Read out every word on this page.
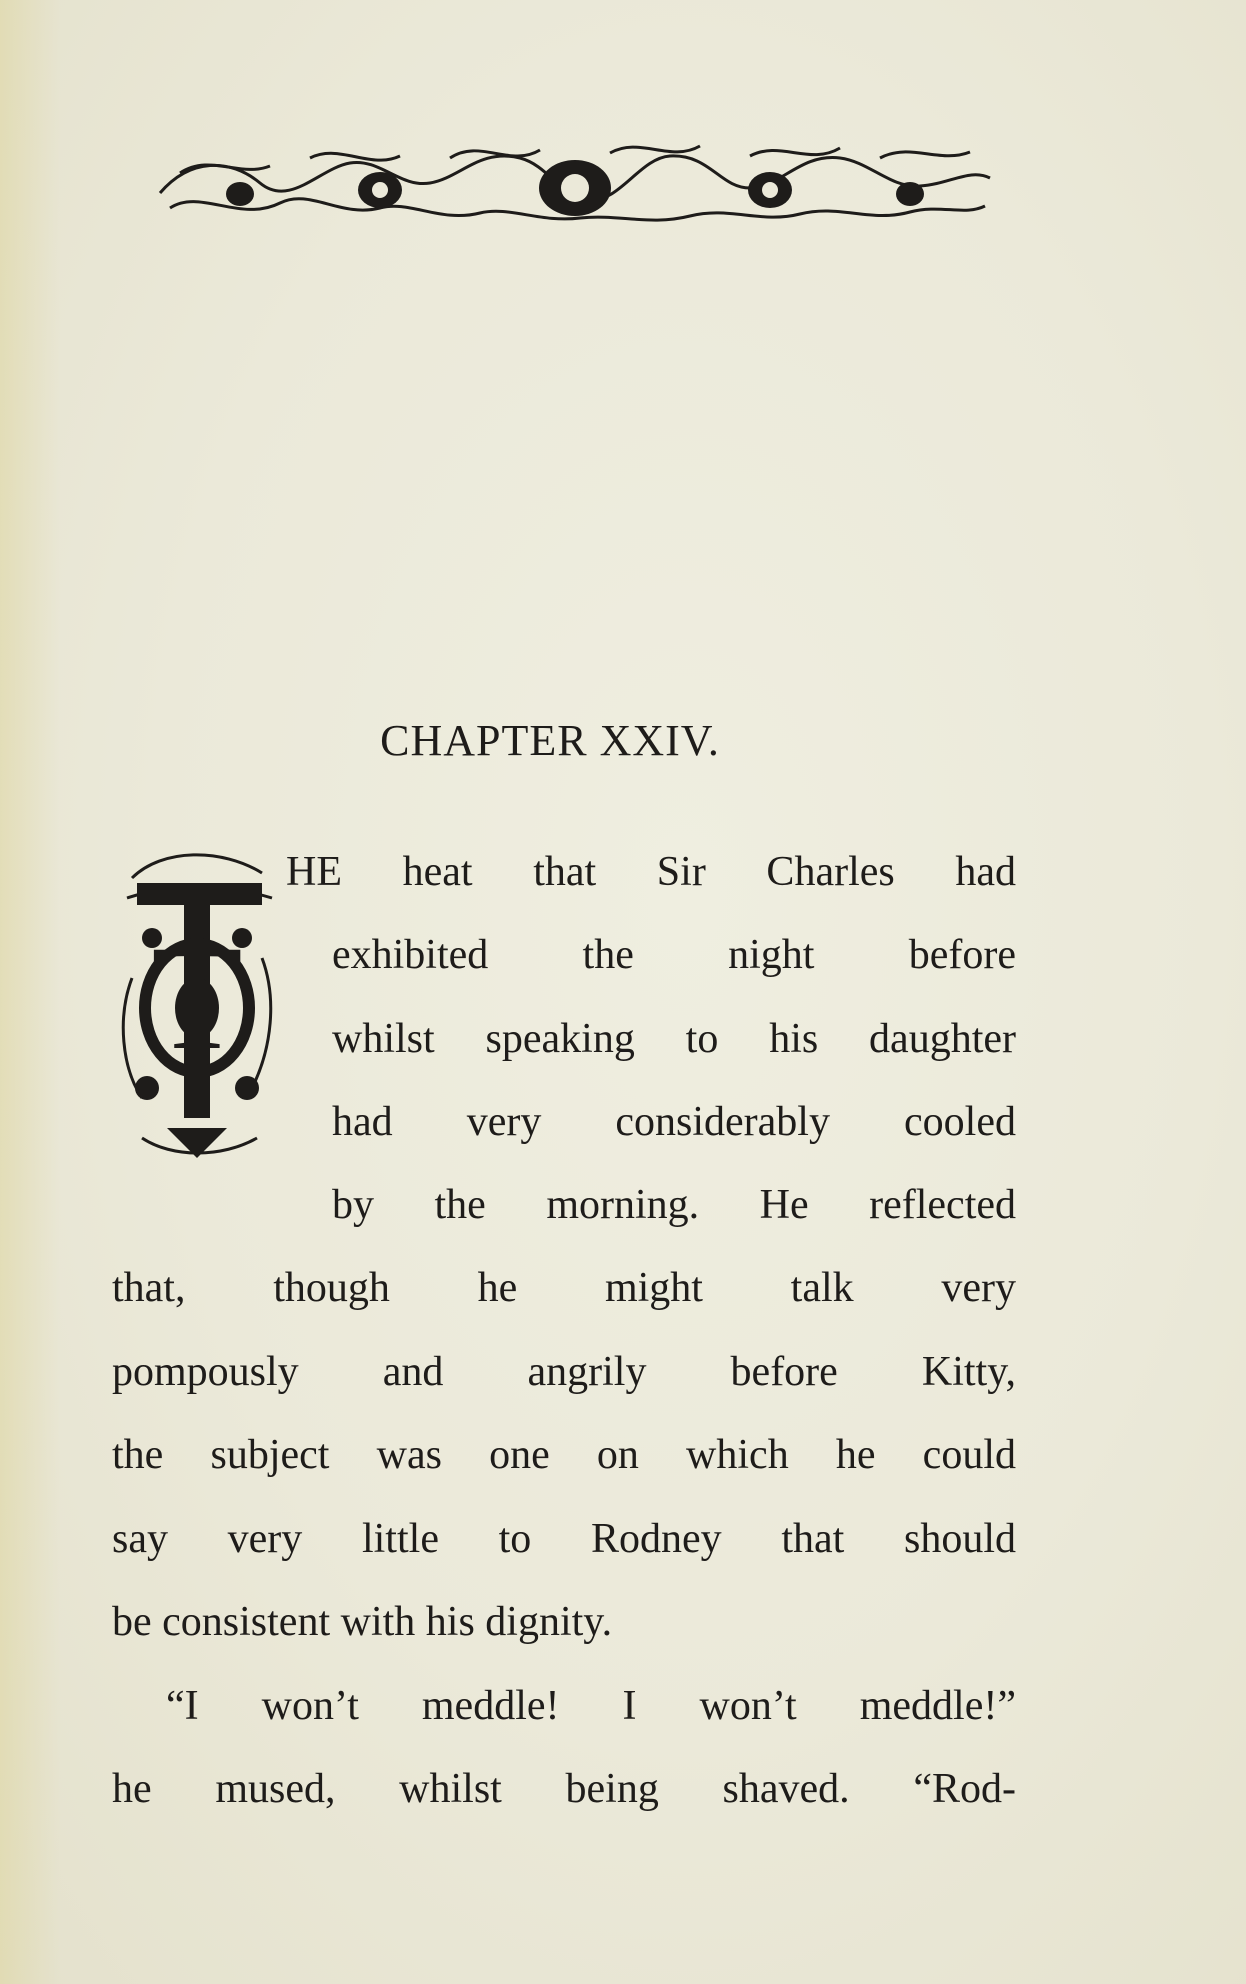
CHAPTER XXIV.
T

HE heat that Sir Charles had

exhibited the night before

whilst speaking to his daughter

had very considerably cooled

by the morning. He reflected

that, though he might talk very

pompously and angrily before Kitty,

the subject was one on which he could

say very little to Rodney that should

be consistent with his dignity.

“I won’t meddle! I won’t meddle!”

he mused, whilst being shaved. “Rod-
